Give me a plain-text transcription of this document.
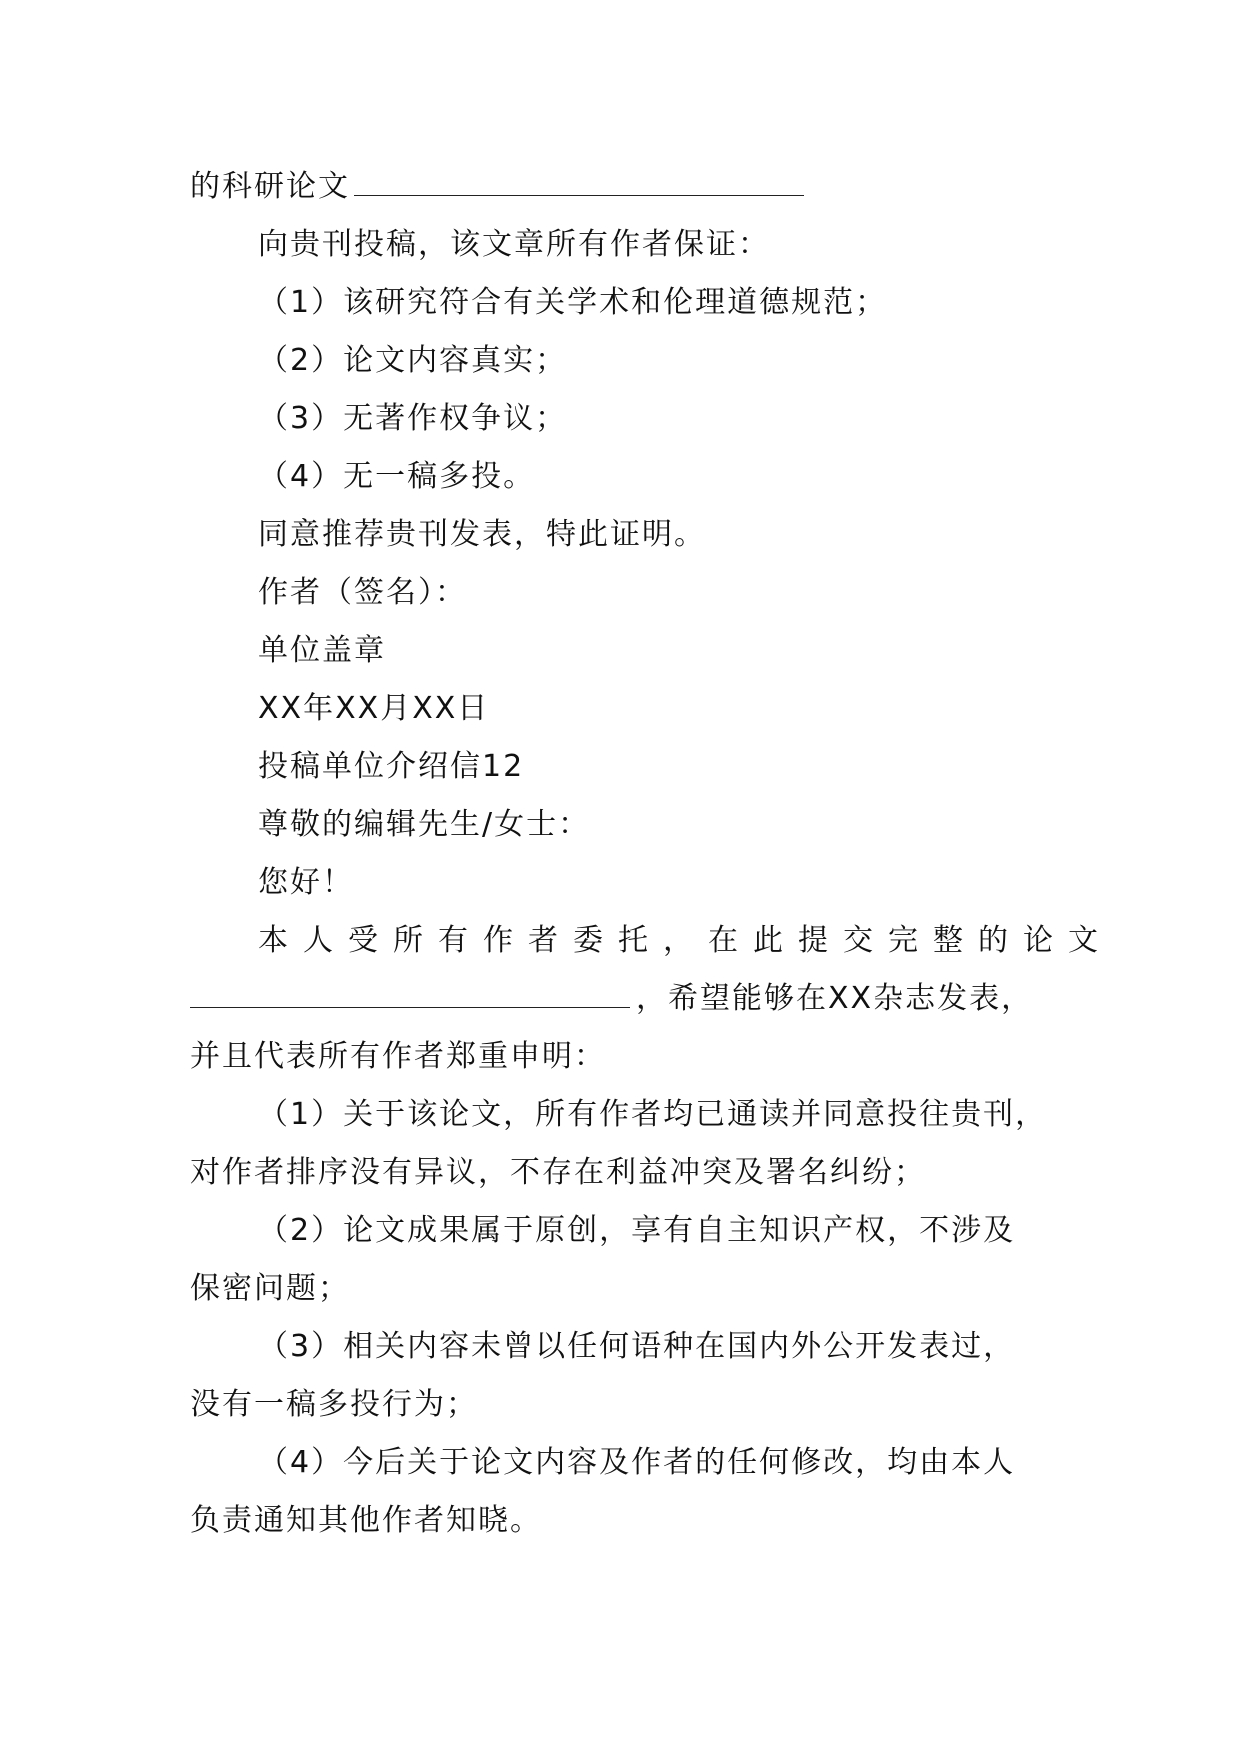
的科研论文
向贵刊投稿，该文章所有作者保证：
（1）该研究符合有关学术和伦理道德规范；
（2）论文内容真实；
（3）无著作权争议；
（4）无一稿多投。
同意推荐贵刊发表，特此证明。
作者（签名）：
单位盖章
XX年XX月XX日
投稿单位介绍信12
尊敬的编辑先生/女士：
您好！
本人受所有作者委托，在此提交完整的论文
，希望能够在XX杂志发表，
并且代表所有作者郑重申明：
（1）关于该论文，所有作者均已通读并同意投往贵刊，
对作者排序没有异议，不存在利益冲突及署名纠纷；
（2）论文成果属于原创，享有自主知识产权，不涉及
保密问题；
（3）相关内容未曾以任何语种在国内外公开发表过，
没有一稿多投行为；
（4）今后关于论文内容及作者的任何修改，均由本人
负责通知其他作者知晓。
